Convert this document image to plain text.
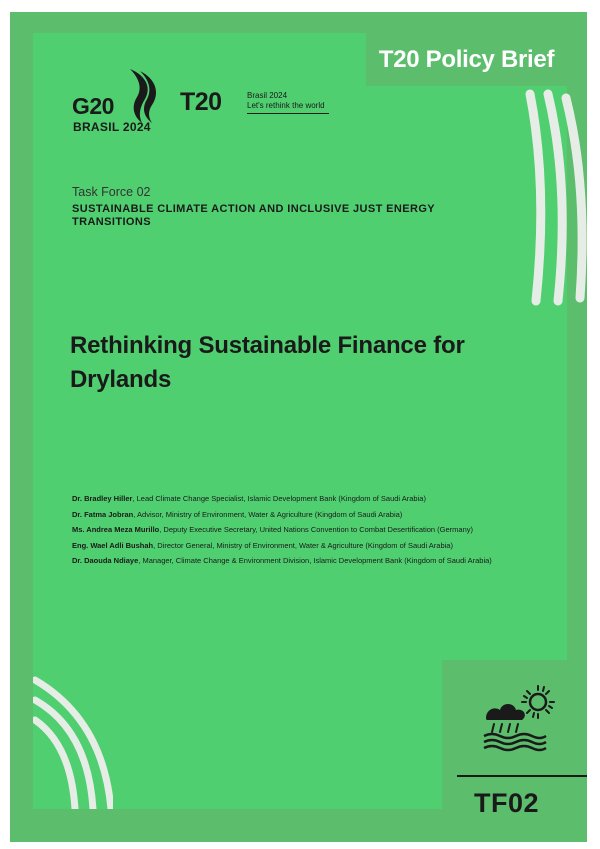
T20 Policy Brief
G20
BRASIL 2024
T20	Brasil 2024
Let's rethink the world
Task Force 02
SUSTAINABLE CLIMATE ACTION AND INCLUSIVE JUST ENERGY TRANSITIONS
Rethinking Sustainable Finance for
Drylands
Dr. Bradley Hiller, Lead Climate Change Specialist, Islamic Development Bank (Kingdom of Saudi Arabia)
Dr. Fatma Jobran, Advisor, Ministry of Environment, Water & Agriculture (Kingdom of Saudi Arabia)
Ms. Andrea Meza Murillo, Deputy Executive Secretary, United Nations Convention to Combat Desertification (Germany)
Eng. Wael Adli Bushah, Director General, Ministry of Environment, Water & Agriculture (Kingdom of Saudi Arabia)
Dr. Daouda Ndiaye, Manager, Climate Change & Environment Division, Islamic Development Bank (Kingdom of Saudi Arabia)
TF02
